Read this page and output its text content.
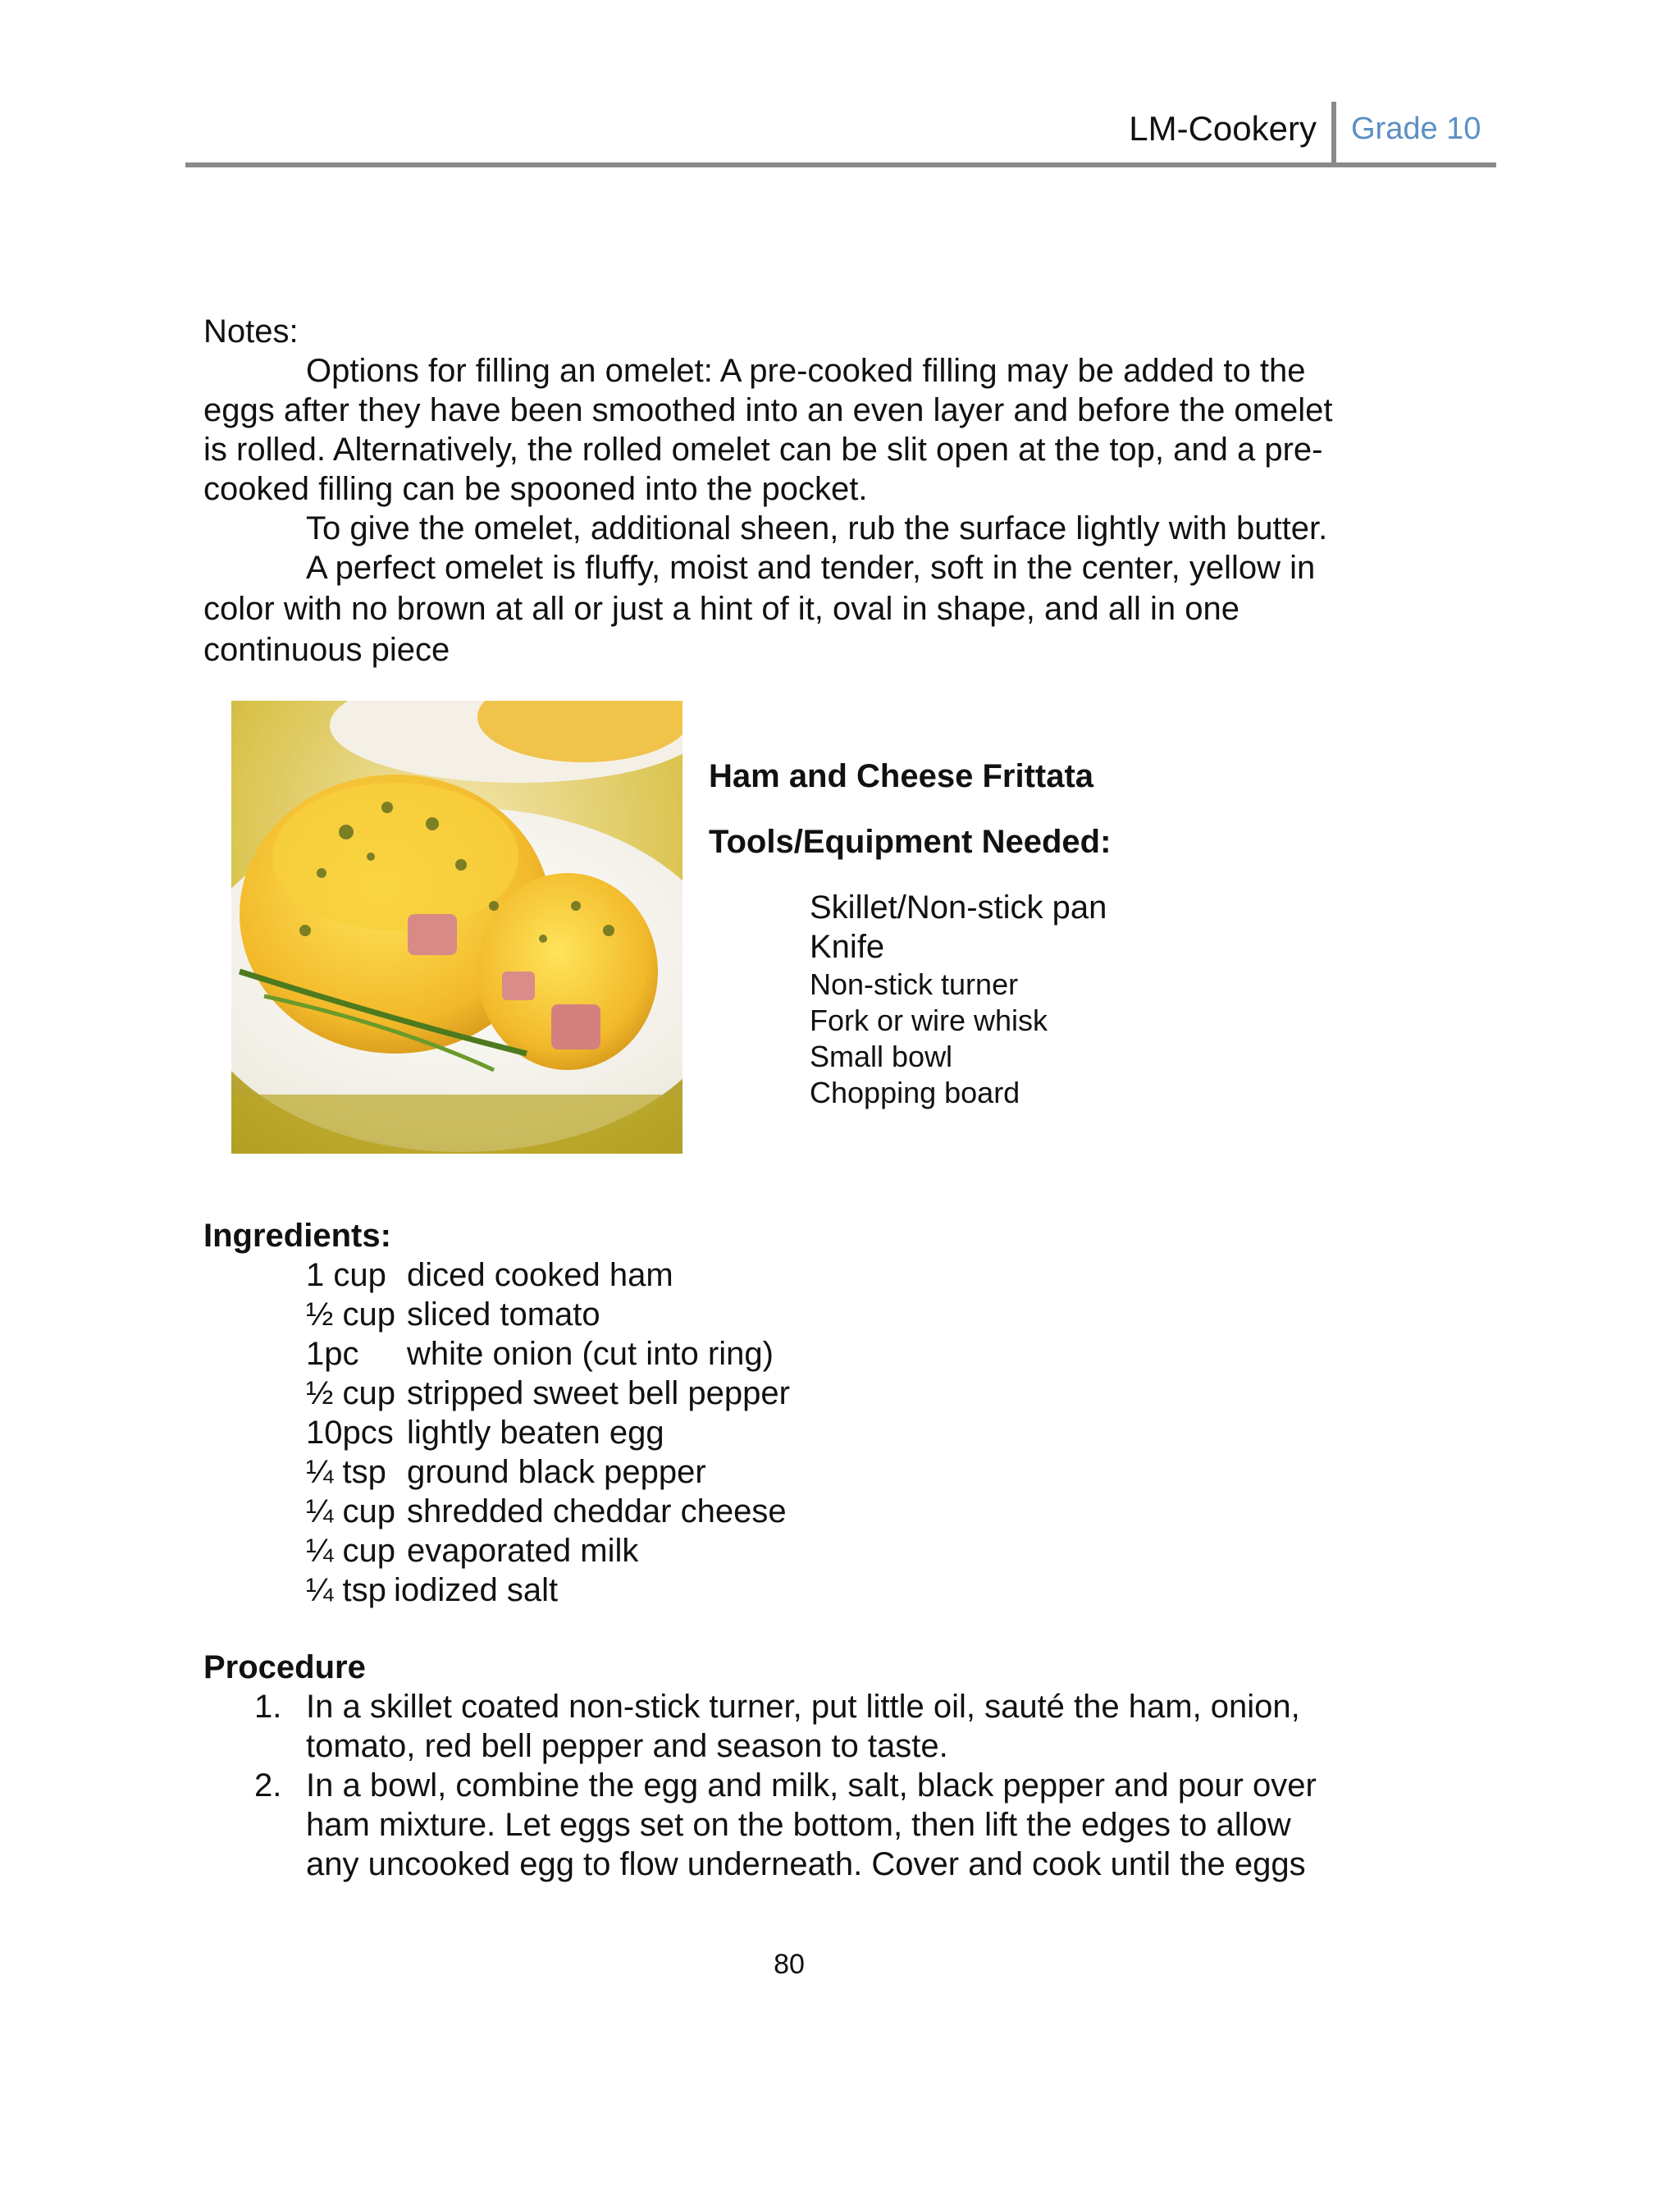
LM-Cookery Grade 10
Notes:
Options for filling an omelet: A pre-cooked filling may be added to the
eggs after they have been smoothed into an even layer and before the omelet
is rolled. Alternatively, the rolled omelet can be slit open at the top, and a pre-
cooked filling can be spooned into the pocket.
To give the omelet, additional sheen, rub the surface lightly with butter.
A perfect omelet is fluffy, moist and tender, soft in the center, yellow in
color with no brown at all or just a hint of it, oval in shape, and all in one
continuous piece
Ham and Cheese Frittata
Tools/Equipment Needed:
Skillet/Non-stick pan
Knife
Non-stick turner
Fork or wire whisk
Small bowl
Chopping board
Ingredients:
1 cup diced cooked ham
½ cup sliced tomato
1pc white onion (cut into ring)
½ cup stripped sweet bell pepper
10pcs lightly beaten egg
¼ tsp ground black pepper
¼ cup shredded cheddar cheese
¼ cup evaporated milk
¼ tsp iodized salt
Procedure
1. In a skillet coated non-stick turner, put little oil, sauté the ham, onion,
tomato, red bell pepper and season to taste.
2. In a bowl, combine the egg and milk, salt, black pepper and pour over
ham mixture. Let eggs set on the bottom, then lift the edges to allow
any uncooked egg to flow underneath. Cover and cook until the eggs
80
